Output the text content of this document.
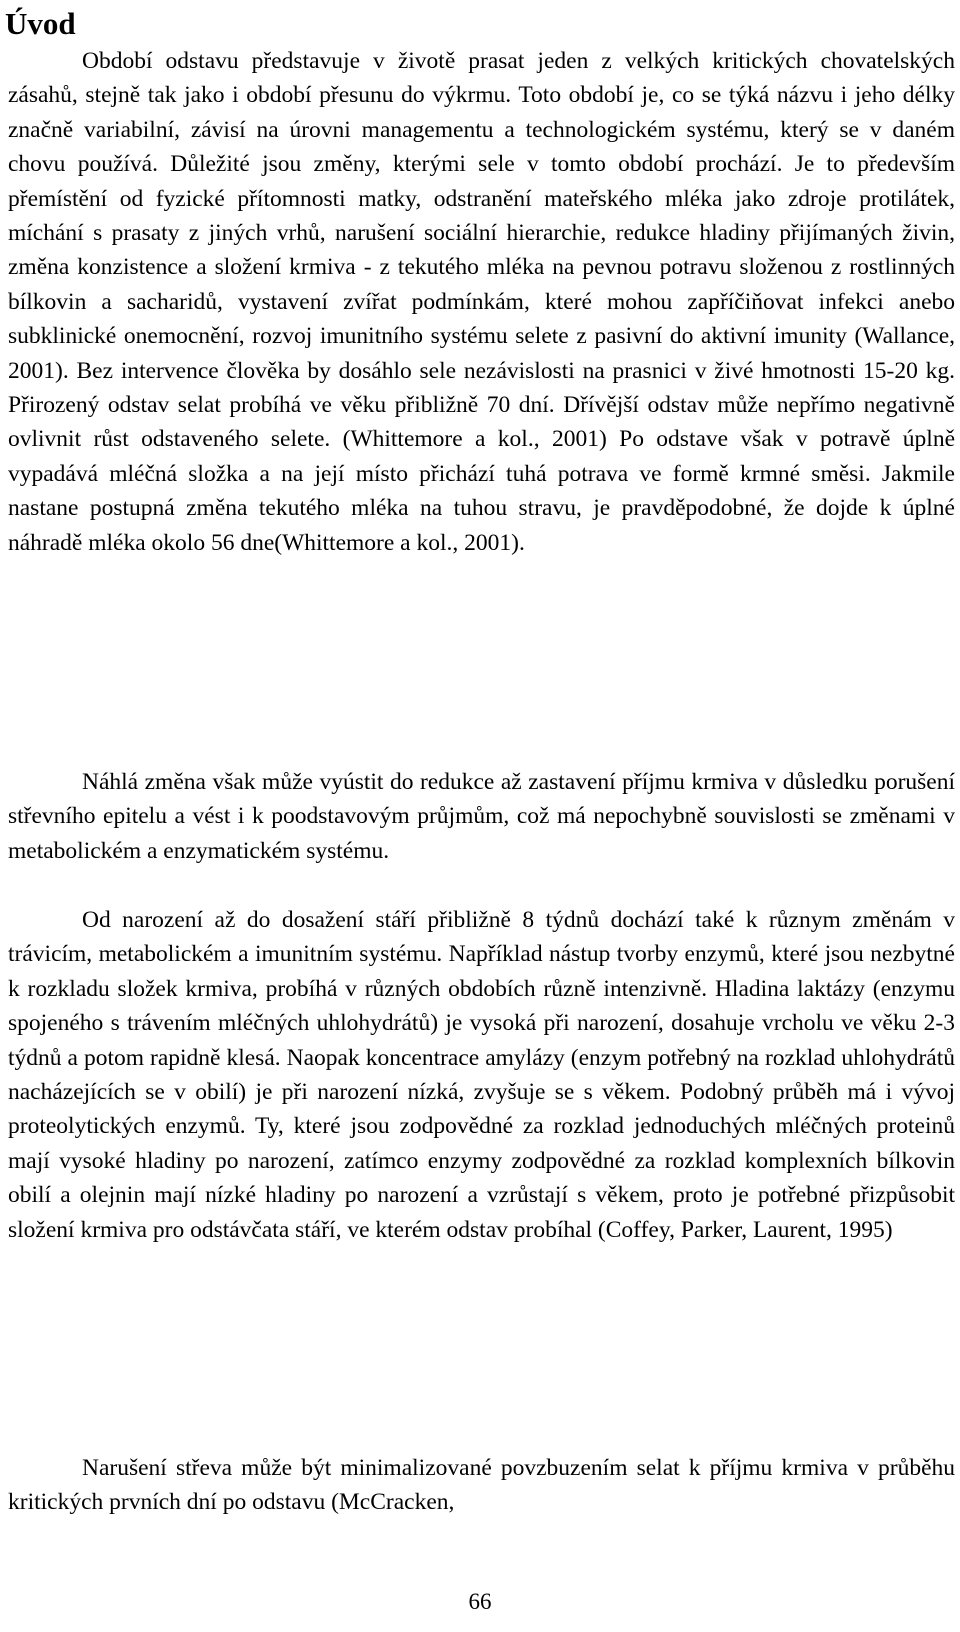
Úvod

Období odstavu představuje v životě prasat jeden z velkých kritických chovatelských zásahů, stejně tak jako i období přesunu do výkrmu. Toto období je, co se týká názvu i jeho délky značně variabilní, závisí na úrovni managementu a technologickém systému, který se v daném chovu používá. Důležité jsou změny, kterými sele v tomto období prochází. Je to především přemístění od fyzické přítomnosti matky, odstranění mateřského mléka jako zdroje protilátek, míchání s prasaty z jiných vrhů, narušení sociální hierarchie, redukce hladiny přijímaných živin, změna konzistence a složení krmiva - z tekutého mléka na pevnou potravu složenou z rostlinných bílkovin a sacharidů, vystavení zvířat podmínkám, které mohou zapříčiňovat infekci anebo subklinické onemocnění, rozvoj imunitního systému selete z pasivní do aktivní imunity (Wallance, 2001). Bez intervence člověka by dosáhlo sele nezávislosti na prasnici v živé hmotnosti 15-20 kg. Přirozený odstav selat probíhá ve věku přibližně 70 dní. Dřívější odstav může nepřímo negativně ovlivnit růst odstaveného selete. (Whittemore a kol., 2001) Po odstave však v potravě úplně vypadává mléčná složka a na její místo přichází tuhá potrava ve formě krmné směsi. Jakmile nastane postupná změna tekutého mléka na tuhou stravu, je pravděpodobné, že dojde k úplné náhradě mléka okolo 56 dne(Whittemore a kol., 2001).

Náhlá změna však může vyústit do redukce až zastavení příjmu krmiva v důsledku porušení střevního epitelu a vést i k poodstavovým průjmům, což má nepochybně souvislosti se změnami v metabolickém a enzymatickém systému.

Od narození až do dosažení stáří přibližně 8 týdnů dochází také k různym změnám v trávicím, metabolickém a imunitním systému. Například nástup tvorby enzymů, které jsou nezbytné k rozkladu složek krmiva, probíhá v různých obdobích různě intenzivně. Hladina laktázy (enzymu spojeného s trávením mléčných uhlohydrátů) je vysoká při narození, dosahuje vrcholu ve věku 2-3 týdnů a potom rapidně klesá. Naopak koncentrace amylázy (enzym potřebný na rozklad uhlohydrátů nacházejících se v obilí) je při narození nízká, zvyšuje se s věkem. Podobný průběh má i vývoj proteolytických enzymů. Ty, které jsou zodpovědné za rozklad jednoduchých mléčných proteinů mají vysoké hladiny po narození, zatímco enzymy zodpovědné za rozklad komplexních bílkovin obilí a olejnin mají nízké hladiny po narození a vzrůstají s věkem, proto je potřebné přizpůsobit složení krmiva pro odstávčata stáří, ve kterém odstav probíhal (Coffey, Parker, Laurent, 1995)

Narušení střeva může být minimalizované povzbuzením selat k příjmu krmiva v průběhu kritických prvních dní po odstavu (McCracken,

66
